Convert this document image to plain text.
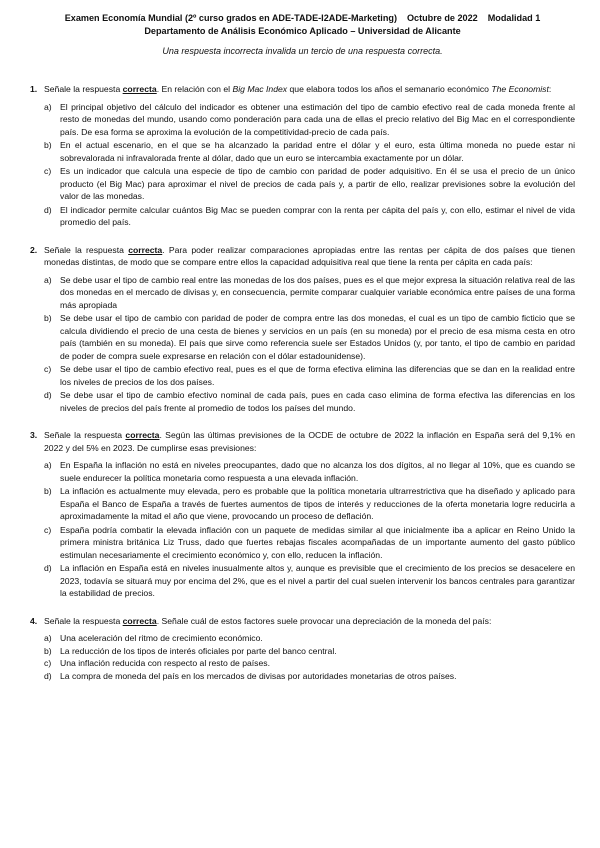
Examen Economía Mundial (2º curso grados en ADE-TADE-I2ADE-Marketing) Octubre de 2022 Modalidad 1
Departamento de Análisis Económico Aplicado – Universidad de Alicante
Una respuesta incorrecta invalida un tercio de una respuesta correcta.
1. Señale la respuesta correcta. En relación con el Big Mac Index que elabora todos los años el semanario económico The Economist:
a) El principal objetivo del cálculo del indicador es obtener una estimación del tipo de cambio efectivo real de cada moneda frente al resto de monedas del mundo, usando como ponderación para cada una de ellas el precio relativo del Big Mac en el correspondiente país. De esa forma se aproxima la evolución de la competitividad-precio de cada país.
b) En el actual escenario, en el que se ha alcanzado la paridad entre el dólar y el euro, esta última moneda no puede estar ni sobrevalorada ni infravalorada frente al dólar, dado que un euro se intercambia exactamente por un dólar.
c)	Es un indicador que calcula una especie de tipo de cambio con paridad de poder adquisitivo. En él se usa el precio de un único producto (el Big Mac) para aproximar el nivel de precios de cada país y, a partir de ello, realizar previsiones sobre la evolución del valor de las monedas.
d) El indicador permite calcular cuántos Big Mac se pueden comprar con la renta per cápita del país y, con ello, estimar el nivel de vida promedio del país.
2. Señale la respuesta correcta. Para poder realizar comparaciones apropiadas entre las rentas per cápita de dos países que tienen monedas distintas, de modo que se compare entre ellos la capacidad adquisitiva real que tiene la renta per cápita en cada país:
a) Se debe usar el tipo de cambio real entre las monedas de los dos países, pues es el que mejor expresa la situación relativa real de las dos monedas en el mercado de divisas y, en consecuencia, permite comparar cualquier variable económica entre países de una forma más apropiada
b) Se debe usar el tipo de cambio con paridad de poder de compra entre las dos monedas, el cual es un tipo de cambio ficticio que se calcula dividiendo el precio de una cesta de bienes y servicios en un país (en su moneda) por el precio de esa misma cesta en otro país (también en su moneda). El país que sirve como referencia suele ser Estados Unidos (y, por tanto, el tipo de cambio en paridad de poder de compra suele expresarse en relación con el dólar estadounidense).
c)	Se debe usar el tipo de cambio efectivo real, pues es el que de forma efectiva elimina las diferencias que se dan en la realidad entre los niveles de precios de los dos países.
d) Se debe usar el tipo de cambio efectivo nominal de cada país, pues en cada caso elimina de forma efectiva las diferencias en los niveles de precios del país frente al promedio de todos los países del mundo.
3. Señale la respuesta correcta. Según las últimas previsiones de la OCDE de octubre de 2022 la inflación en España será del 9,1% en 2022 y del 5% en 2023. De cumplirse esas previsiones:
a) En España la inflación no está en niveles preocupantes, dado que no alcanza los dos dígitos, al no llegar al 10%, que es cuando se suele endurecer la política monetaria como respuesta a una elevada inflación.
b) La inflación es actualmente muy elevada, pero es probable que la política monetaria ultrarrestrictiva que ha diseñado y aplicado para España el Banco de España a través de fuertes aumentos de tipos de interés y reducciones de la oferta monetaria logre reducirla a aproximadamente la mitad el año que viene, provocando un proceso de deflación.
c)	España podría combatir la elevada inflación con un paquete de medidas similar al que inicialmente iba a aplicar en Reino Unido la primera ministra británica Liz Truss, dado que fuertes rebajas fiscales acompañadas de un importante aumento del gasto público estimulan necesariamente el crecimiento económico y, con ello, reducen la inflación.
d) La inflación en España está en niveles inusualmente altos y, aunque es previsible que el crecimiento de los precios se desacelere en 2023, todavía se situará muy por encima del 2%, que es el nivel a partir del cual suelen intervenir los bancos centrales para garantizar la estabilidad de precios.
4. Señale la respuesta correcta. Señale cuál de estos factores suele provocar una depreciación de la moneda del país:
a) Una aceleración del ritmo de crecimiento económico.
b) La reducción de los tipos de interés oficiales por parte del banco central.
c)	Una inflación reducida con respecto al resto de países.
d) La compra de moneda del país en los mercados de divisas por autoridades monetarias de otros países.
